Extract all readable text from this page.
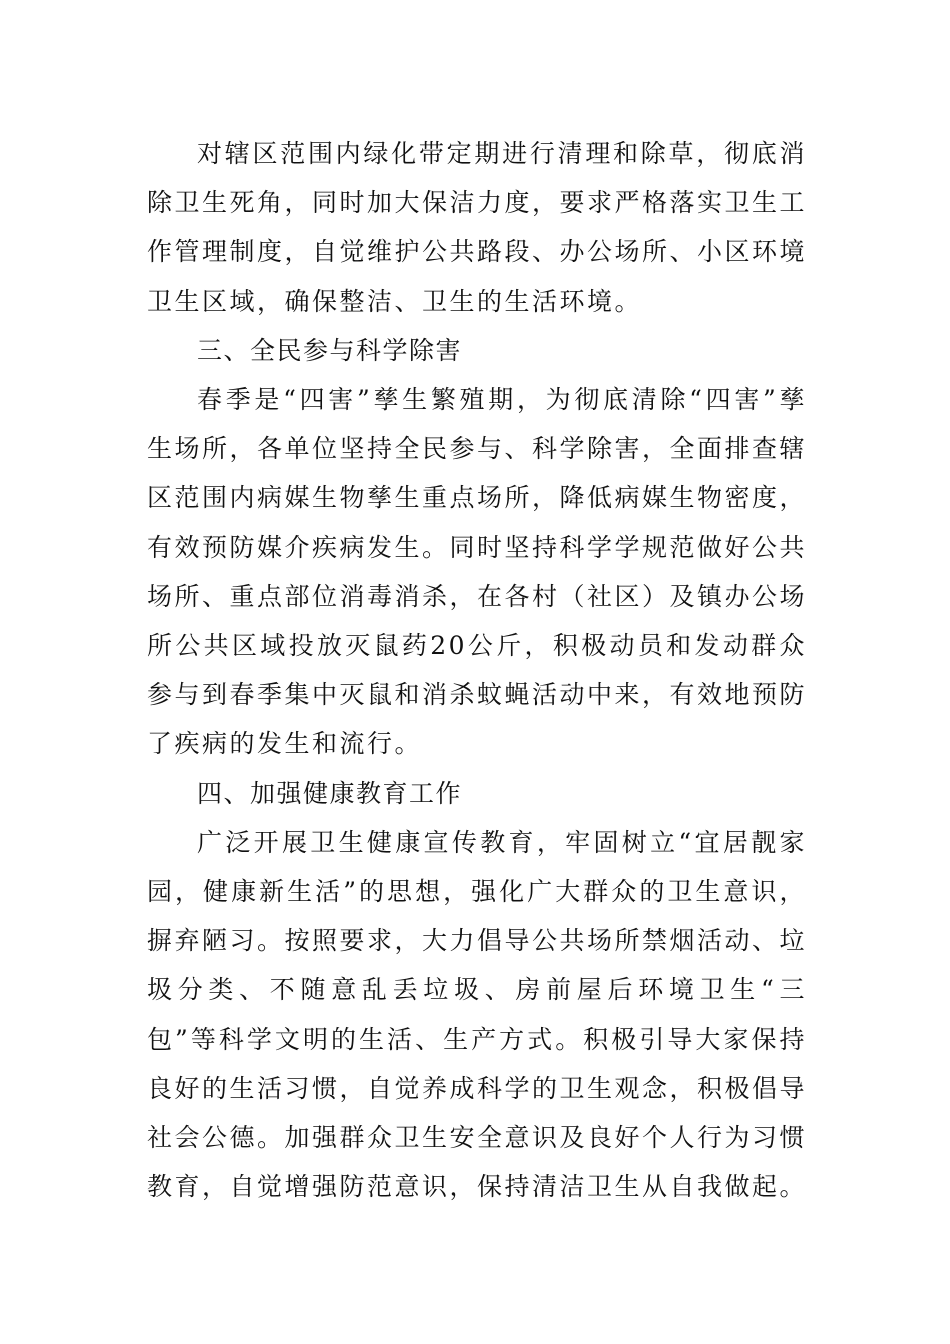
对辖区范围内绿化带定期进行清理和除草，彻底消除卫生死角，同时加大保洁力度，要求严格落实卫生工作管理制度，自觉维护公共路段、办公场所、小区环境卫生区域，确保整洁、卫生的生活环境。

三、全民参与科学除害

春季是“四害”孳生繁殖期，为彻底清除“四害”孳生场所，各单位坚持全民参与、科学除害，全面排查辖区范围内病媒生物孳生重点场所，降低病媒生物密度，有效预防媒介疾病发生。同时坚持科学学规范做好公共场所、重点部位消毒消杀，在各村（社区）及镇办公场所公共区域投放灭鼠药20公斤，积极动员和发动群众参与到春季集中灭鼠和消杀蚊蝇活动中来，有效地预防了疾病的发生和流行。

四、加强健康教育工作

广泛开展卫生健康宣传教育，牢固树立“宜居靓家园，健康新生活”的思想，强化广大群众的卫生意识，摒弃陋习。按照要求，大力倡导公共场所禁烟活动、垃圾分类、不随意乱丢垃圾、房前屋后环境卫生“三包”等科学文明的生活、生产方式。积极引导大家保持良好的生活习惯，自觉养成科学的卫生观念，积极倡导社会公德。加强群众卫生安全意识及良好个人行为习惯教育，自觉增强防范意识，保持清洁卫生从自我做起。
